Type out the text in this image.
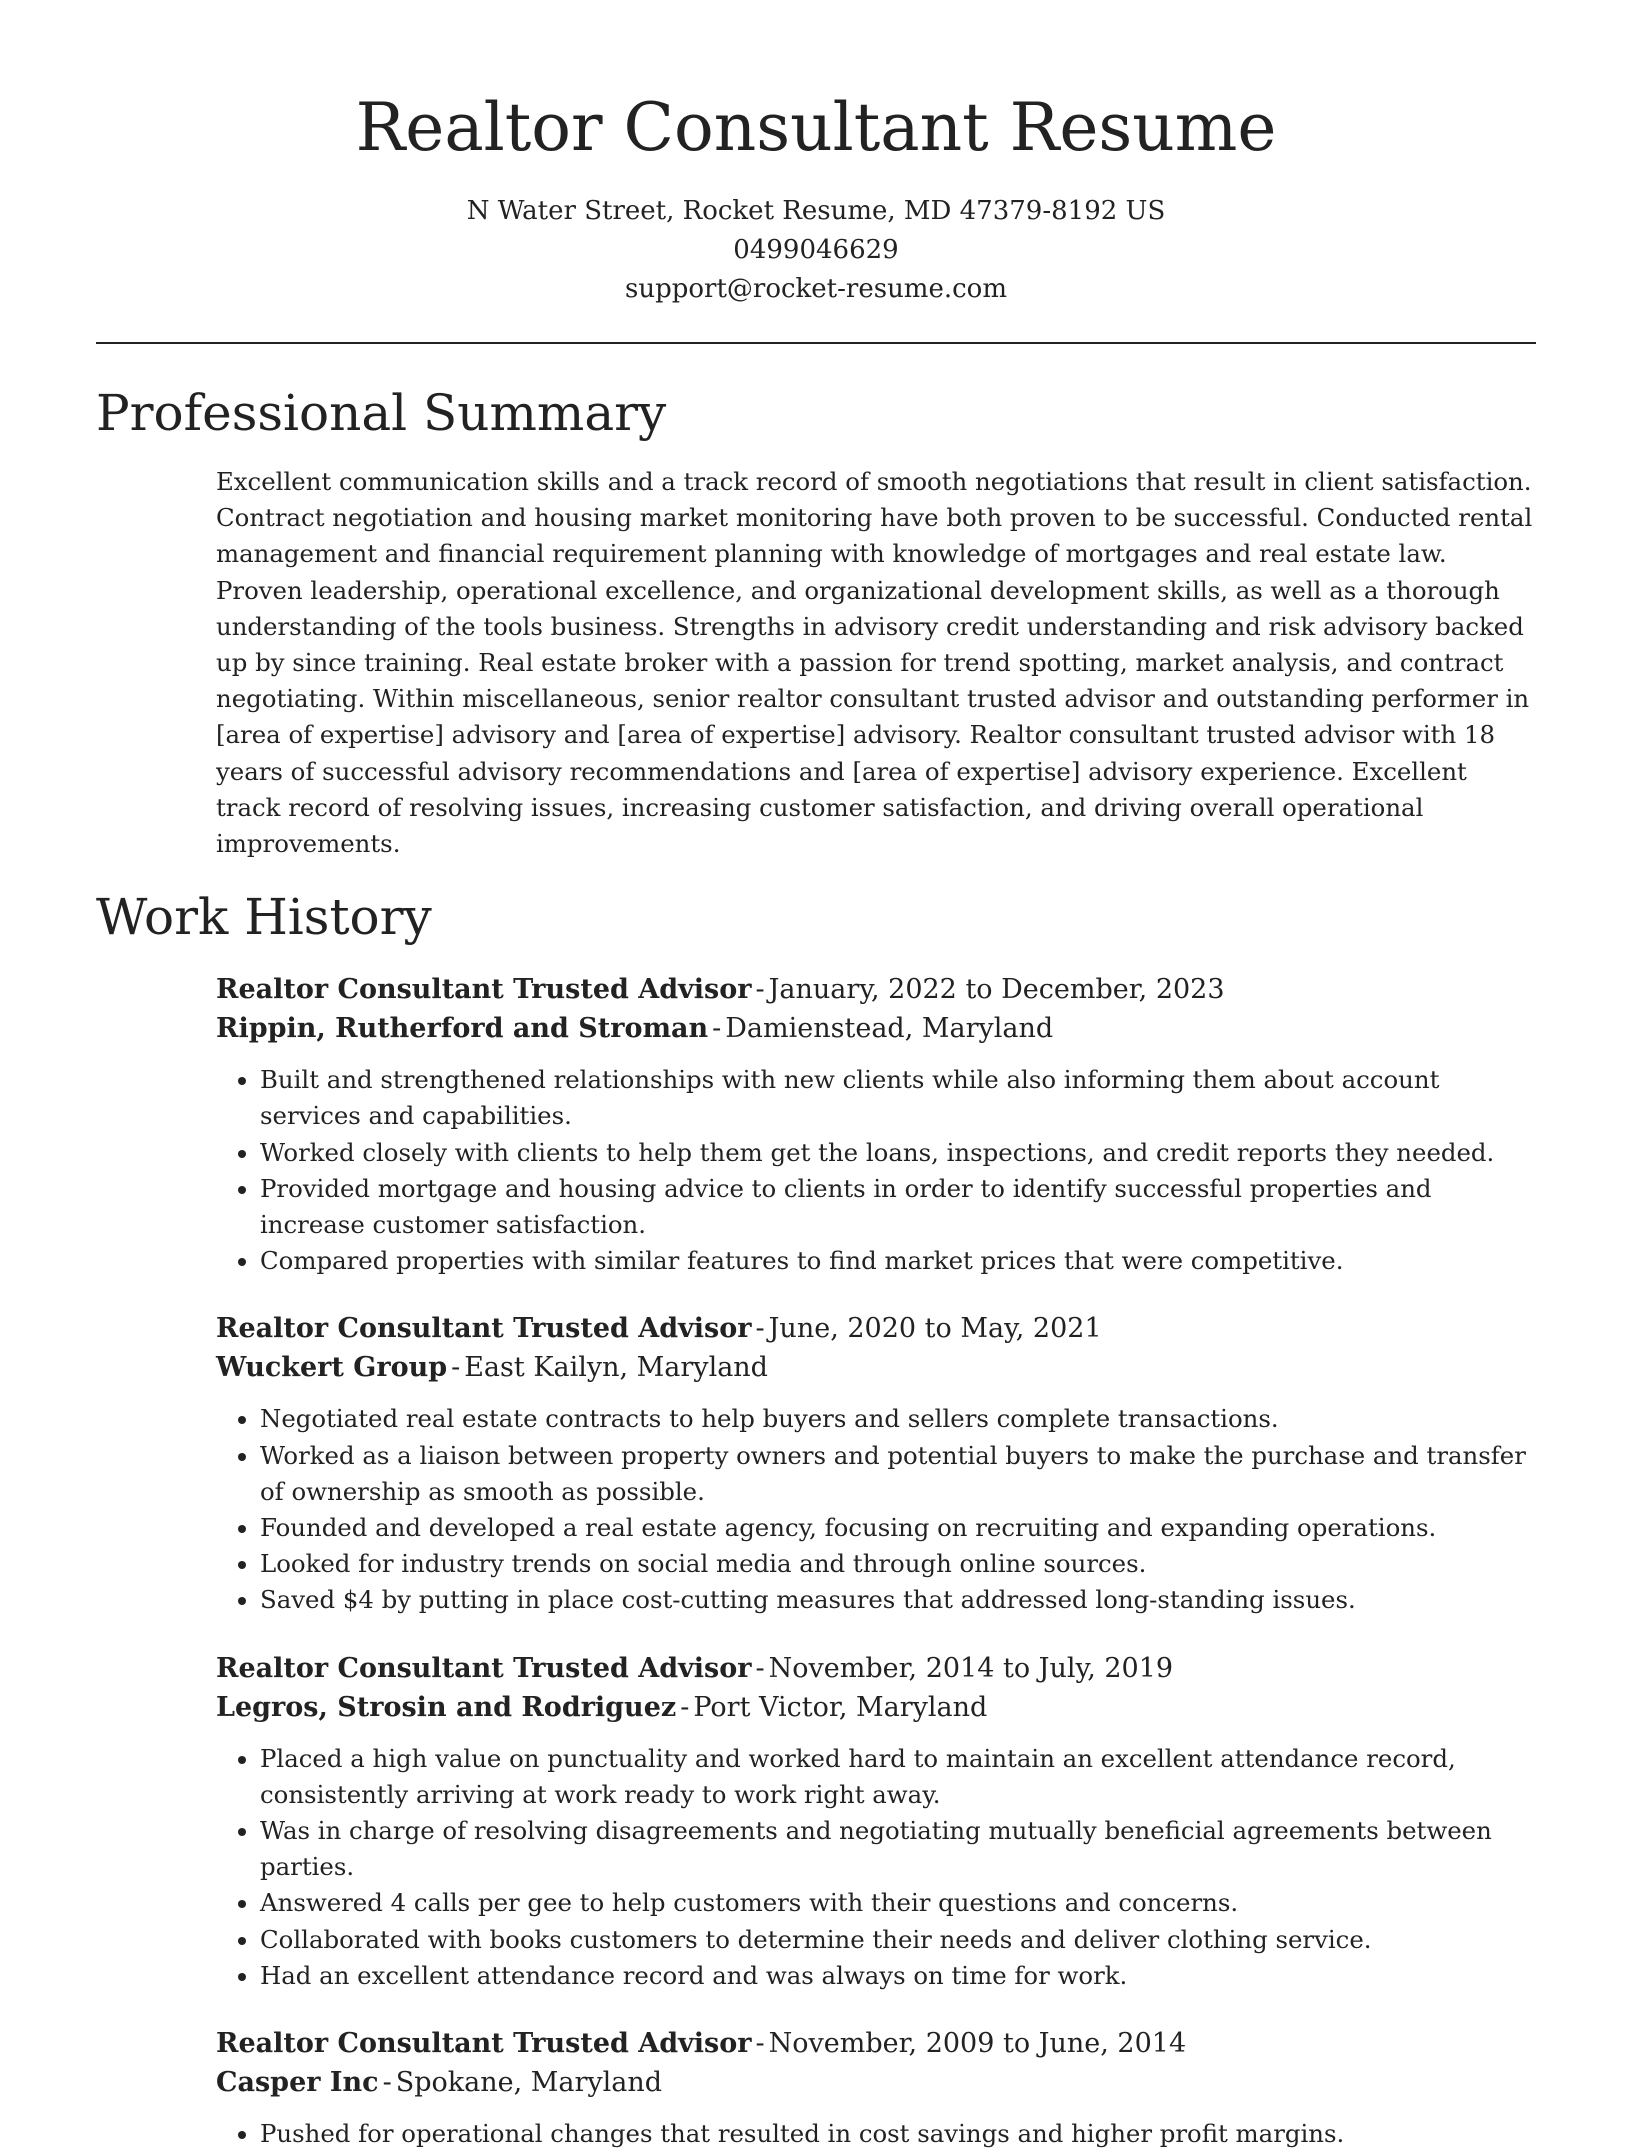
Realtor Consultant Resume
N Water Street, Rocket Resume, MD 47379-8192 US
0499046629
support@rocket-resume.com
Professional Summary

Excellent communication skills and a track record of smooth negotiations that result in client satisfaction. Contract negotiation and housing market monitoring have both proven to be successful. Conducted rental management and financial requirement planning with knowledge of mortgages and real estate law. Proven leadership, operational excellence, and organizational development skills, as well as a thorough understanding of the tools business. Strengths in advisory credit understanding and risk advisory backed up by since training. Real estate broker with a passion for trend spotting, market analysis, and contract negotiating. Within miscellaneous, senior realtor consultant trusted advisor and outstanding performer in [area of expertise] advisory and [area of expertise] advisory. Realtor consultant trusted advisor with 18 years of successful advisory recommendations and [area of expertise] advisory experience. Excellent track record of resolving issues, increasing customer satisfaction, and driving overall operational improvements.

Work History
Realtor Consultant Trusted Advisor - January, 2022 to December, 2023
Rippin, Rutherford and Stroman - Damienstead, Maryland
• Built and strengthened relationships with new clients while also informing them about account services and capabilities.
• Worked closely with clients to help them get the loans, inspections, and credit reports they needed.
• Provided mortgage and housing advice to clients in order to identify successful properties and increase customer satisfaction.
• Compared properties with similar features to find market prices that were competitive.
Realtor Consultant Trusted Advisor - June, 2020 to May, 2021
Wuckert Group - East Kailyn, Maryland
• Negotiated real estate contracts to help buyers and sellers complete transactions.
• Worked as a liaison between property owners and potential buyers to make the purchase and transfer of ownership as smooth as possible.
• Founded and developed a real estate agency, focusing on recruiting and expanding operations.
• Looked for industry trends on social media and through online sources.
• Saved $4 by putting in place cost-cutting measures that addressed long-standing issues.
Realtor Consultant Trusted Advisor - November, 2014 to July, 2019
Legros, Strosin and Rodriguez - Port Victor, Maryland
• Placed a high value on punctuality and worked hard to maintain an excellent attendance record, consistently arriving at work ready to work right away.
• Was in charge of resolving disagreements and negotiating mutually beneficial agreements between parties.
• Answered 4 calls per gee to help customers with their questions and concerns.
• Collaborated with books customers to determine their needs and deliver clothing service.
• Had an excellent attendance record and was always on time for work.
Realtor Consultant Trusted Advisor - November, 2009 to June, 2014
Casper Inc - Spokane, Maryland
• Pushed for operational changes that resulted in cost savings and higher profit margins.
